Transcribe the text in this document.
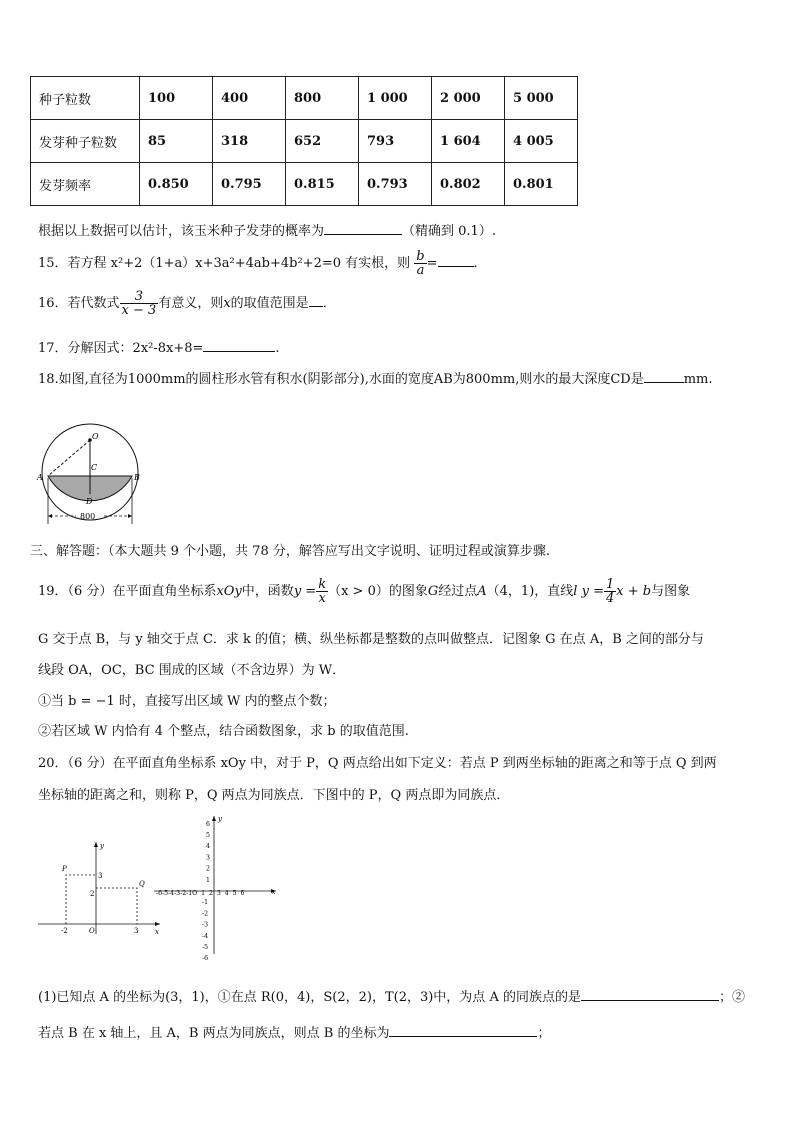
种子粒数	100	400	800	1 000	2 000	5 000
发芽种子粒数	85	318	652	793	1 604	4 005
发芽频率	0.850	0.795	0.815	0.793	0.802	0.801
根据以上数据可以估计，该玉米种子发芽的概率为	（精确到 0.1）.
15．若方程 x²+2（1+a）x+3a²+4ab+4b²+2=0 有实根，则 $\frac{b}{a}$ =	．
16．若代数式 $\frac{3}{x - 3}$ 有意义，则x的取值范围是 ．
17．分解因式：2x²-8x+8=	.
18.如图,直径为1000mm的圆柱形水管有积水(阴影部分),水面的宽度AB为800mm,则水的最大深度CD是	mm.
O
A	B
C
D
800
三、解答题：（本大题共 9 个小题，共 78 分，解答应写出文字说明、证明过程或演算步骤.
19．（6 分）在平面直角坐标系xOy中，函数$y = \frac{k}{x} (x > 0)$的图象G经过点A（4，1)，直线l $y = \frac{1}{4}$ x + b与图象
G 交于点 B，与 y 轴交于点 C．求 k 的值；横、纵坐标都是整数的点叫做整点．记图象 G 在点 A，B 之间的部分与
线段 OA，OC，BC 围成的区域（不含边界）为 W．
①当 b = −1 时，直接写出区域 W 内的整点个数；
②若区域 W 内恰有 4 个整点，结合函数图象，求 b 的取值范围.
20．（6 分）在平面直角坐标系 xOy 中，对于 P，Q 两点给出如下定义：若点 P 到两坐标轴的距离之和等于点 Q 到两
坐标轴的距离之和，则称 P，Q 两点为同族点．下图中的 P，Q 两点即为同族点．
y
x
P
Q
3
2
-2	O	3
y
x
-6-5-4-3-2-1O  1  2  3  4  5  6
6
5
4
3
2
1
-1
-2
-3
-4
-5
-6
(1)已知点 A 的坐标为(3，1)，①在点 R(0，4)，S(2，2)，T(2，3)中，为点 A 的同族点的是	；②
若点 B 在 x 轴上，且 A，B 两点为同族点，则点 B 的坐标为	；
